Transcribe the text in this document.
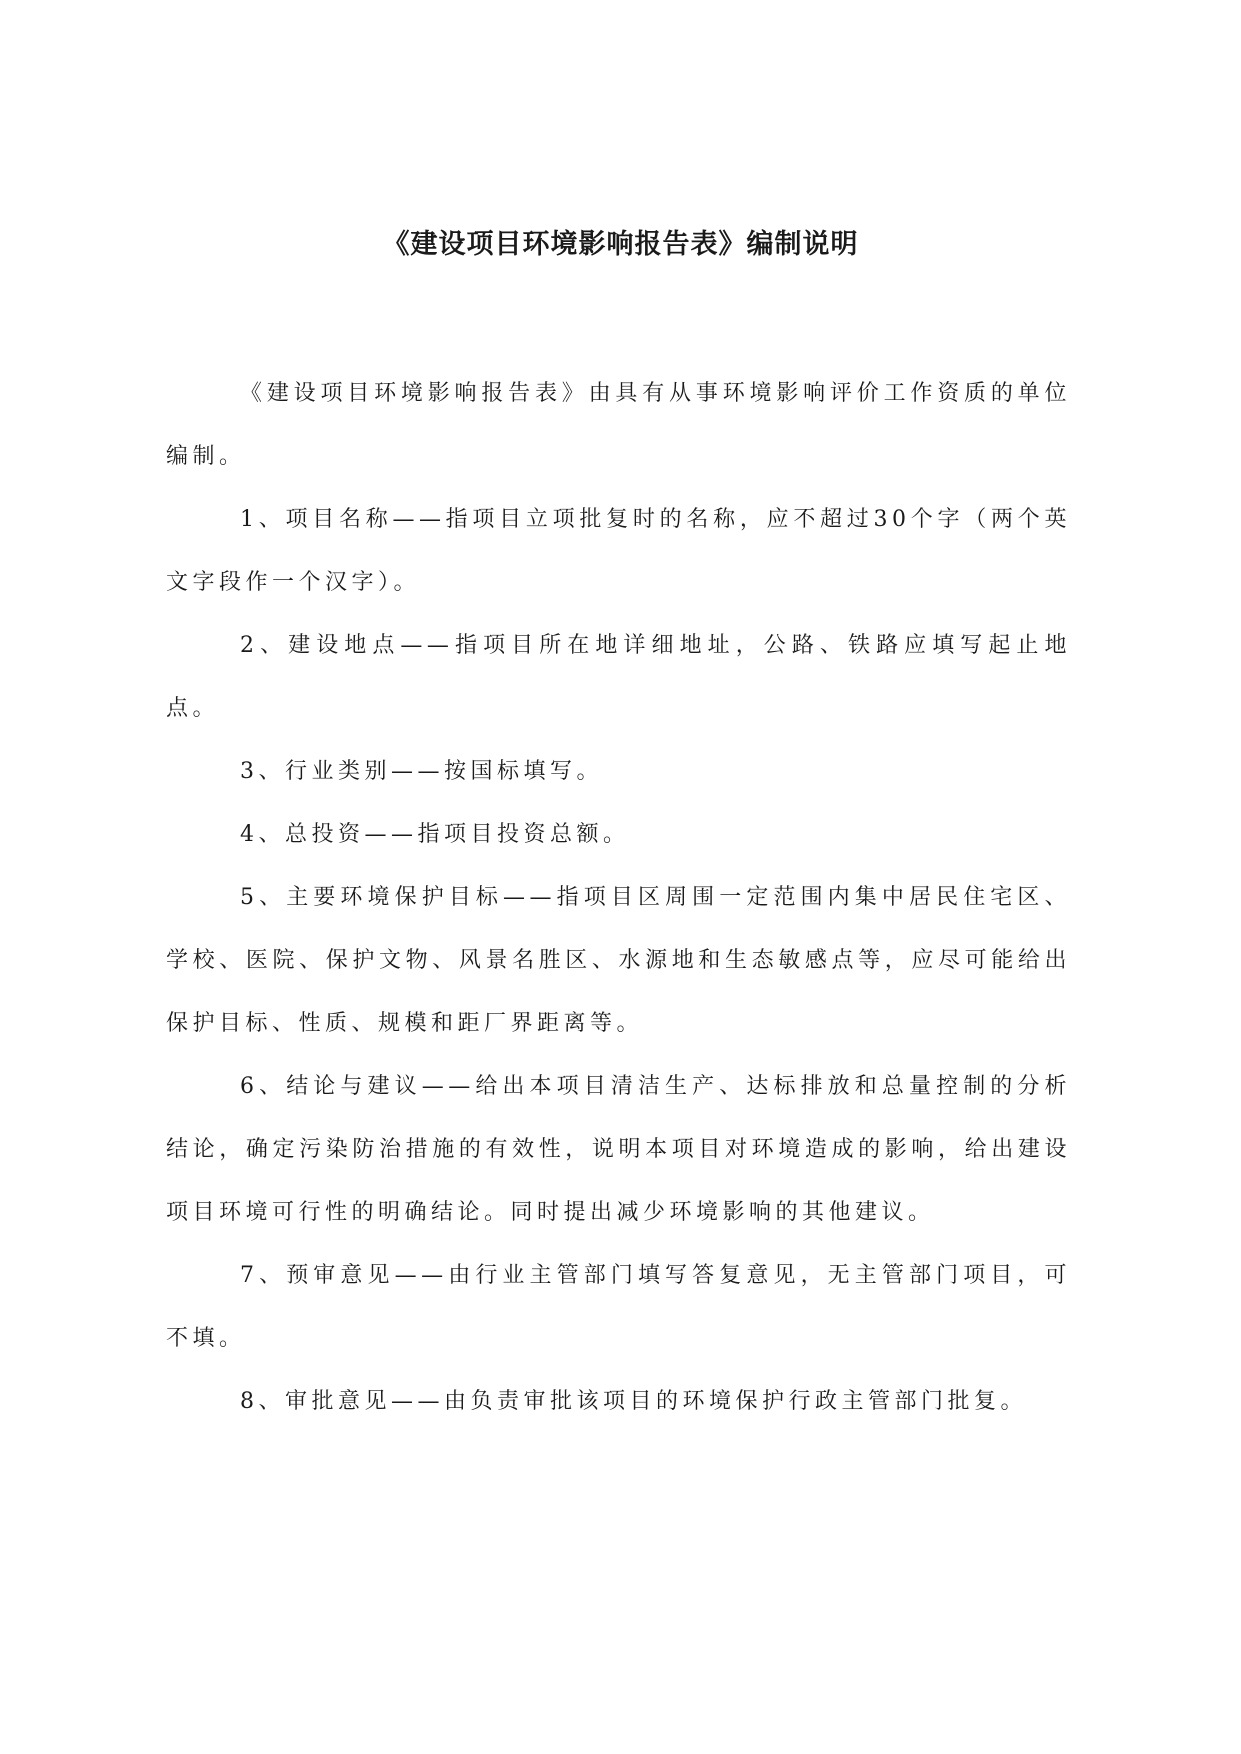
《建设项目环境影响报告表》编制说明

《建设项目环境影响报告表》由具有从事环境影响评价工作资质的单位编制。

1、项目名称——指项目立项批复时的名称，应不超过30个字（两个英文字段作一个汉字）。

2、建设地点——指项目所在地详细地址，公路、铁路应填写起止地点。

3、行业类别——按国标填写。

4、总投资——指项目投资总额。

5、主要环境保护目标——指项目区周围一定范围内集中居民住宅区、学校、医院、保护文物、风景名胜区、水源地和生态敏感点等，应尽可能给出保护目标、性质、规模和距厂界距离等。

6、结论与建议——给出本项目清洁生产、达标排放和总量控制的分析结论，确定污染防治措施的有效性，说明本项目对环境造成的影响，给出建设项目环境可行性的明确结论。同时提出减少环境影响的其他建议。

7、预审意见——由行业主管部门填写答复意见，无主管部门项目，可不填。

8、审批意见——由负责审批该项目的环境保护行政主管部门批复。
